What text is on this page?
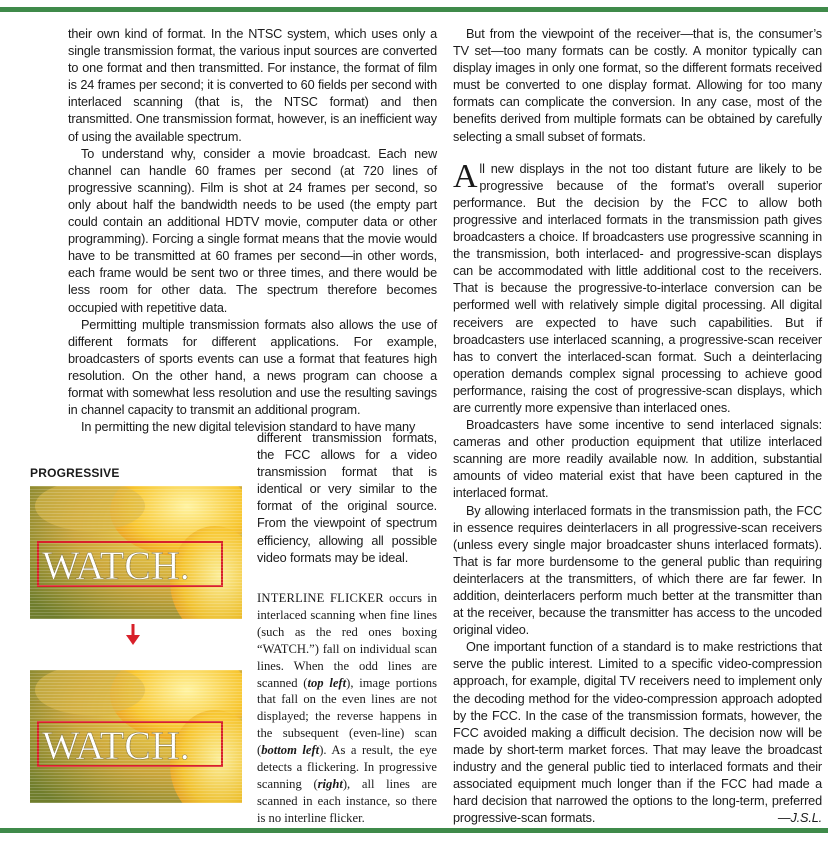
their own kind of format. In the NTSC system, which uses only a single transmission format, the various input sources are converted to one format and then transmitted. For instance, the format of film is 24 frames per second; it is converted to 60 fields per second with interlaced scanning (that is, the NTSC format) and then transmitted. One transmission format, however, is an inefficient way of using the available spectrum.

To understand why, consider a movie broadcast. Each new channel can handle 60 frames per second (at 720 lines of progressive scanning). Film is shot at 24 frames per second, so only about half the bandwidth needs to be used (the empty part could contain an additional HDTV movie, computer data or other programming). Forcing a single format means that the movie would have to be transmitted at 60 frames per second—in other words, each frame would be sent two or three times, and there would be less room for other data. The spectrum therefore becomes occupied with repetitive data.

Permitting multiple transmission formats also allows the use of different formats for different applications. For example, broadcasters of sports events can use a format that features high resolution. On the other hand, a news program can choose a format with somewhat less resolution and use the resulting savings in channel capacity to transmit an additional program.

In permitting the new digital television standard to have many

different transmission formats, the FCC allows for a video transmission format that is identical or very similar to the format of the original source. From the viewpoint of spectrum efficiency, allowing all possible video formats may be ideal.

PROGRESSIVE
INTERLINE FLICKER occurs in interlaced scanning when fine lines (such as the red ones boxing “WATCH.”) fall on individual scan lines. When the odd lines are scanned (top left), image portions that fall on the even lines are not displayed; the reverse happens in the subsequent (even-line) scan (bottom left). As a result, the eye detects a flickering. In progressive scanning (right), all lines are scanned in each instance, so there is no interline flicker.

But from the viewpoint of the receiver—that is, the consumer’s TV set—too many formats can be costly. A monitor typically can display images in only one format, so the different formats received must be converted to one display format. Allowing for too many formats can complicate the conversion. In any case, most of the benefits derived from multiple formats can be obtained by carefully selecting a small subset of formats.

All new displays in the not too distant future are likely to be progressive because of the format’s overall superior performance. But the decision by the FCC to allow both progressive and interlaced formats in the transmission path gives broadcasters a choice. If broadcasters use progressive scanning in the transmission, both interlaced- and progressive-scan displays can be accommodated with little additional cost to the receivers. That is because the progressive-to-interlace conversion can be performed well with relatively simple digital processing. All digital receivers are expected to have such capabilities. But if broadcasters use interlaced scanning, a progressive-scan receiver has to convert the interlaced-scan format. Such a deinterlacing operation demands complex signal processing to achieve good performance, raising the cost of progressive-scan displays, which are currently more expensive than interlaced ones.

Broadcasters have some incentive to send interlaced signals: cameras and other production equipment that utilize interlaced scanning are more readily available now. In addition, substantial amounts of video material exist that have been captured in the interlaced format.

By allowing interlaced formats in the transmission path, the FCC in essence requires deinterlacers in all progressive-scan receivers (unless every single major broadcaster shuns interlaced formats). That is far more burdensome to the general public than requiring deinterlacers at the transmitters, of which there are far fewer. In addition, deinterlacers perform much better at the transmitter than at the receiver, because the transmitter has access to the uncoded original video.

One important function of a standard is to make restrictions that serve the public interest. Limited to a specific video-compression approach, for example, digital TV receivers need to implement only the decoding method for the video-compression approach adopted by the FCC. In the case of the transmission formats, however, the FCC avoided making a difficult decision. The decision now will be made by short-term market forces. That may leave the broadcast industry and the general public tied to interlaced formats and their associated equipment much longer than if the FCC had made a hard decision that narrowed the options to the long-term, preferred progressive-scan formats.	—J.S.L.
